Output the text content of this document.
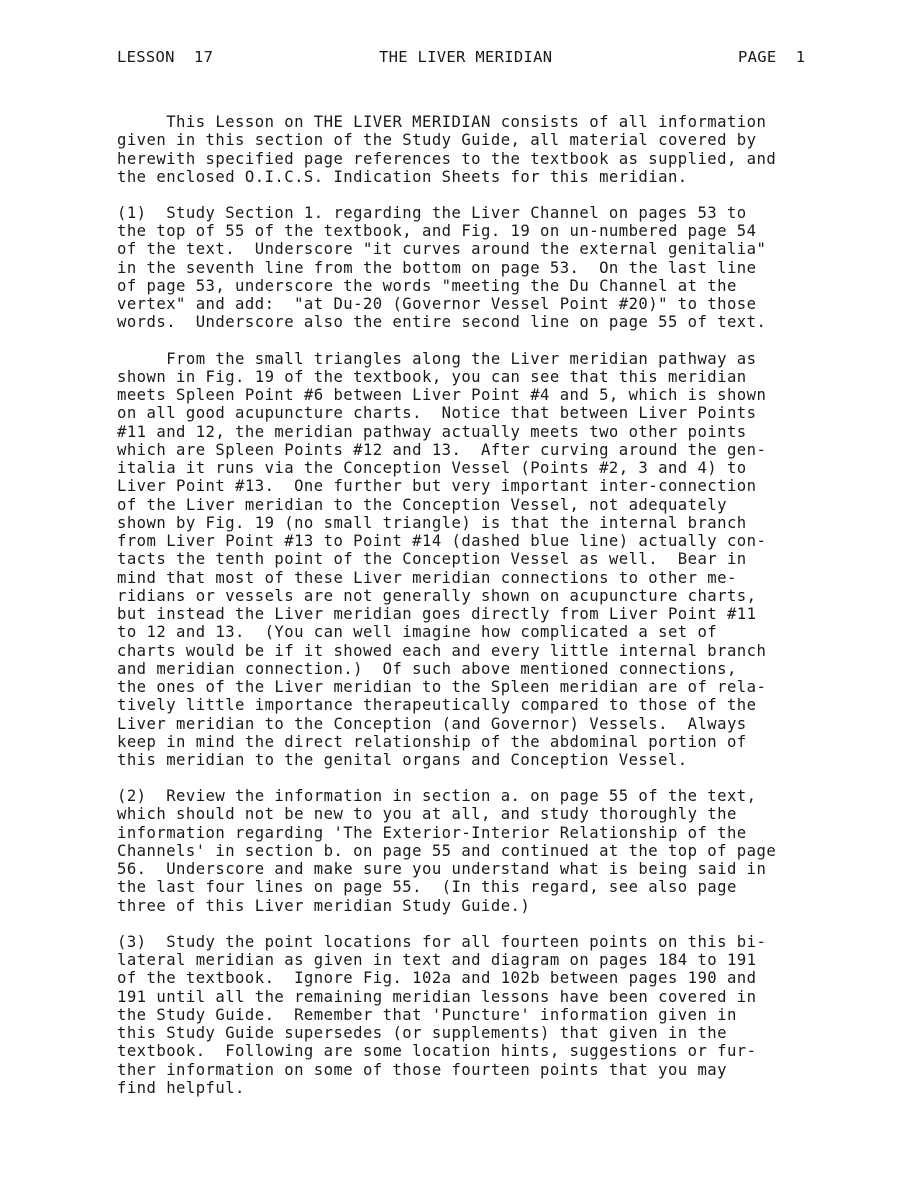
LESSON  17	THE LIVER MERIDIAN	PAGE  1
This Lesson on THE LIVER MERIDIAN consists of all information
given in this section of the Study Guide, all material covered by
herewith specified page references to the textbook as supplied, and
the enclosed O.I.C.S. Indication Sheets for this meridian.
(1)  Study Section 1. regarding the Liver Channel on pages 53 to
the top of 55 of the textbook, and Fig. 19 on un-numbered page 54
of the text.  Underscore "it curves around the external genitalia"
in the seventh line from the bottom on page 53.  On the last line
of page 53, underscore the words "meeting the Du Channel at the
vertex" and add:  "at Du-20 (Governor Vessel Point #20)" to those
words.  Underscore also the entire second line on page 55 of text.
From the small triangles along the Liver meridian pathway as
shown in Fig. 19 of the textbook, you can see that this meridian
meets Spleen Point #6 between Liver Point #4 and 5, which is shown
on all good acupuncture charts.  Notice that between Liver Points
#11 and 12, the meridian pathway actually meets two other points
which are Spleen Points #12 and 13.  After curving around the gen-
italia it runs via the Conception Vessel (Points #2, 3 and 4) to
Liver Point #13.  One further but very important inter-connection
of the Liver meridian to the Conception Vessel, not adequately
shown by Fig. 19 (no small triangle) is that the internal branch
from Liver Point #13 to Point #14 (dashed blue line) actually con-
tacts the tenth point of the Conception Vessel as well.  Bear in
mind that most of these Liver meridian connections to other me-
ridians or vessels are not generally shown on acupuncture charts,
but instead the Liver meridian goes directly from Liver Point #11
to 12 and 13.  (You can well imagine how complicated a set of
charts would be if it showed each and every little internal branch
and meridian connection.)  Of such above mentioned connections,
the ones of the Liver meridian to the Spleen meridian are of rela-
tively little importance therapeutically compared to those of the
Liver meridian to the Conception (and Governor) Vessels.  Always
keep in mind the direct relationship of the abdominal portion of
this meridian to the genital organs and Conception Vessel.
(2)  Review the information in section a. on page 55 of the text,
which should not be new to you at all, and study thoroughly the
information regarding 'The Exterior-Interior Relationship of the
Channels' in section b. on page 55 and continued at the top of page
56.  Underscore and make sure you understand what is being said in
the last four lines on page 55.  (In this regard, see also page
three of this Liver meridian Study Guide.)
(3)  Study the point locations for all fourteen points on this bi-
lateral meridian as given in text and diagram on pages 184 to 191
of the textbook.  Ignore Fig. 102a and 102b between pages 190 and
191 until all the remaining meridian lessons have been covered in
the Study Guide.  Remember that 'Puncture' information given in
this Study Guide supersedes (or supplements) that given in the
textbook.  Following are some location hints, suggestions or fur-
ther information on some of those fourteen points that you may
find helpful.
